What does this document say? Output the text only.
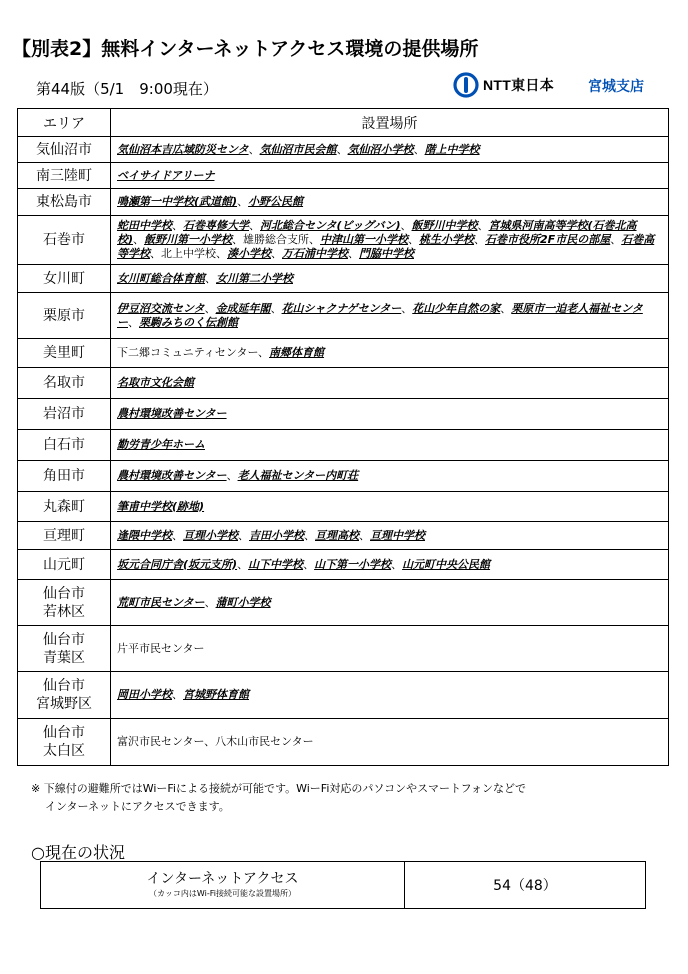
【別表2】無料インターネットアクセス環境の提供場所
第44版（5/1　9:00現在）	NTT東日本 宮城支店
エリア	設置場所
気仙沼市	気仙沼本吉広域防災センタ、気仙沼市民会館、気仙沼小学校、階上中学校
南三陸町	ベイサイドアリーナ
東松島市	鳴瀬第一中学校(武道館)、小野公民館
石巻市	蛇田中学校、石巻専修大学、河北総合センタ(ビッグバン)、飯野川中学校、宮城県河南高等学校(石巻北高校)、飯野川第一小学校、雄勝総合支所、中津山第一小学校、桃生小学校、石巻市役所2F市民の部屋、石巻高等学校、北上中学校、湊小学校、万石浦中学校、門脇中学校
女川町	女川町総合体育館、女川第二小学校
栗原市	伊豆沼交流センタ、金成延年閣、花山シャクナゲセンター、花山少年自然の家、栗原市一迫老人福祉センター、栗駒みちのく伝創館
美里町	下二郷コミュニティセンター、南郷体育館
名取市	名取市文化会館
岩沼市	農村環境改善センター
白石市	勤労青少年ホーム
角田市	農村環境改善センター、老人福祉センター内町荘
丸森町	筆甫中学校(跡地)
亘理町	逢隈中学校、亘理小学校、吉田小学校、亘理高校、亘理中学校
山元町	坂元合同庁舎(坂元支所)、山下中学校、山下第一小学校、山元町中央公民館

仙台市
若林区	荒町市民センター、蒲町小学校

仙台市
青葉区	片平市民センター

仙台市
宮城野区	岡田小学校、宮城野体育館

仙台市
太白区	富沢市民センター、八木山市民センター
※ 下線付の避難所ではWiーFiによる接続が可能です。WiーFi対応のパソコンやスマートフォンなどで
インターネットにアクセスできます。
○現在の状況
インターネットアクセス
（カッコ内はWi-Fi接続可能な設置場所）	54（48）
